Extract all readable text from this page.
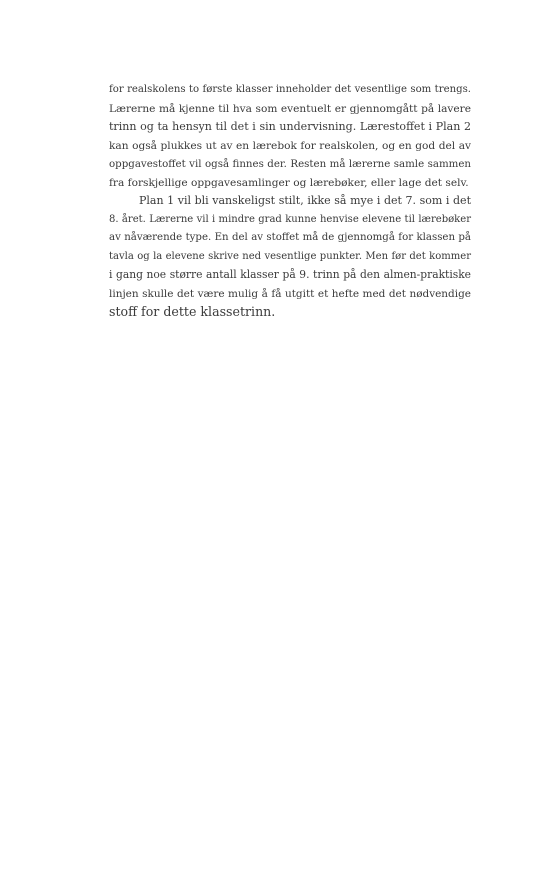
for realskolens to første klasser inneholder det vesentlige som trengs.
Lærerne må kjenne til hva som eventuelt er gjennomgått på lavere
trinn og ta hensyn til det i sin undervisning. Lærestoffet i Plan 2
kan også plukkes ut av en lærebok for realskolen, og en god del av
oppgavestoffet vil også finnes der. Resten må lærerne samle sammen
fra forskjellige oppgavesamlinger og lærebøker, eller lage det selv.
Plan 1 vil bli vanskeligst stilt, ikke så mye i det 7. som i det
8. året. Lærerne vil i mindre grad kunne henvise elevene til lærebøker
av nåværende type. En del av stoffet må de gjennomgå for klassen på
tavla og la elevene skrive ned vesentlige punkter. Men før det kommer
i gang noe større antall klasser på 9. trinn på den almen-praktiske
linjen skulle det være mulig å få utgitt et hefte med det nødvendige
stoff for dette klassetrinn.
